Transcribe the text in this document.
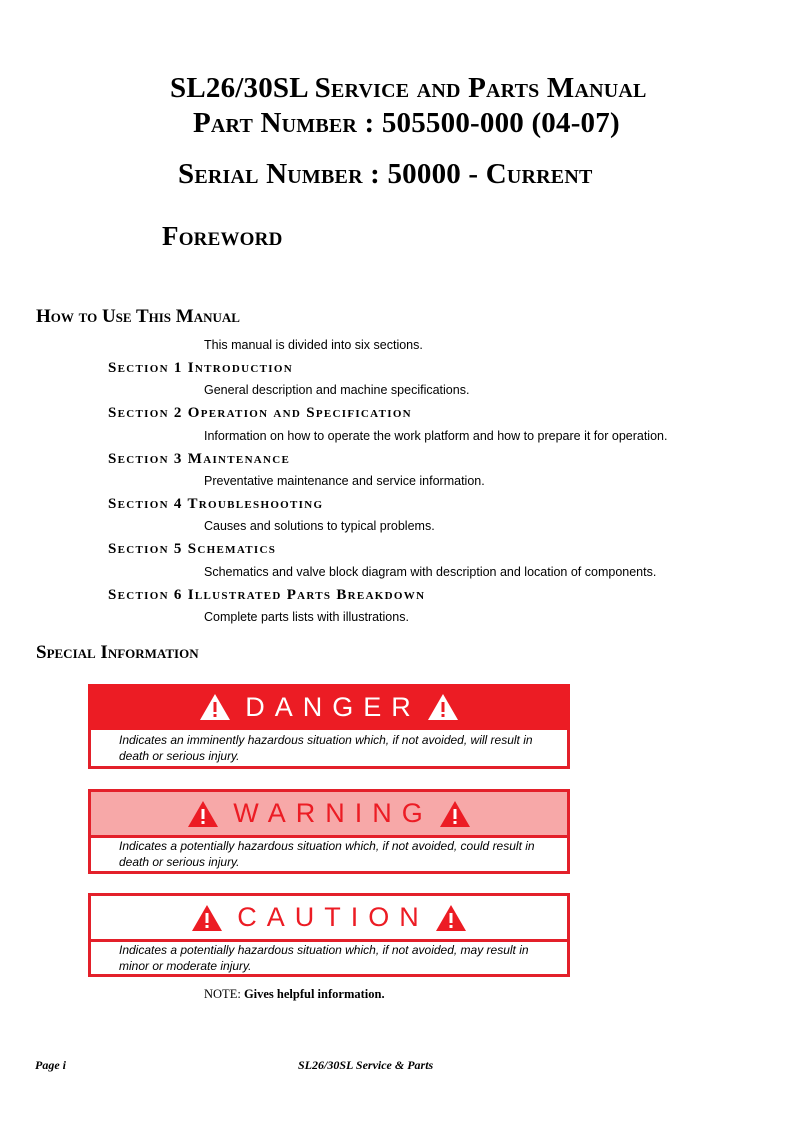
SL26/30SL Service and Parts Manual
Part Number : 505500-000 (04-07)
Serial Number : 50000 - Current
Foreword
How to Use This Manual
This manual is divided into six sections.
Section 1 Introduction
General description and machine specifications.
Section 2 Operation and Specification
Information on how to operate the work platform and how to prepare it for operation.
Section 3 Maintenance
Preventative maintenance and service information.
Section 4 Troubleshooting
Causes and solutions to typical problems.
Section 5 Schematics
Schematics and valve block diagram with description and location of components.
Section 6 Illustrated Parts Breakdown
Complete parts lists with illustrations.
Special Information
DANGER
Indicates an imminently hazardous situation which, if not avoided, will result in death or serious injury.
WARNING
Indicates a potentially hazardous situation which, if not avoided, could result in death or serious injury.
CAUTION
Indicates a potentially hazardous situation which, if not avoided, may result in minor or moderate injury.
NOTE: Gives helpful information.
Page i	SL26/30SL Service & Parts
